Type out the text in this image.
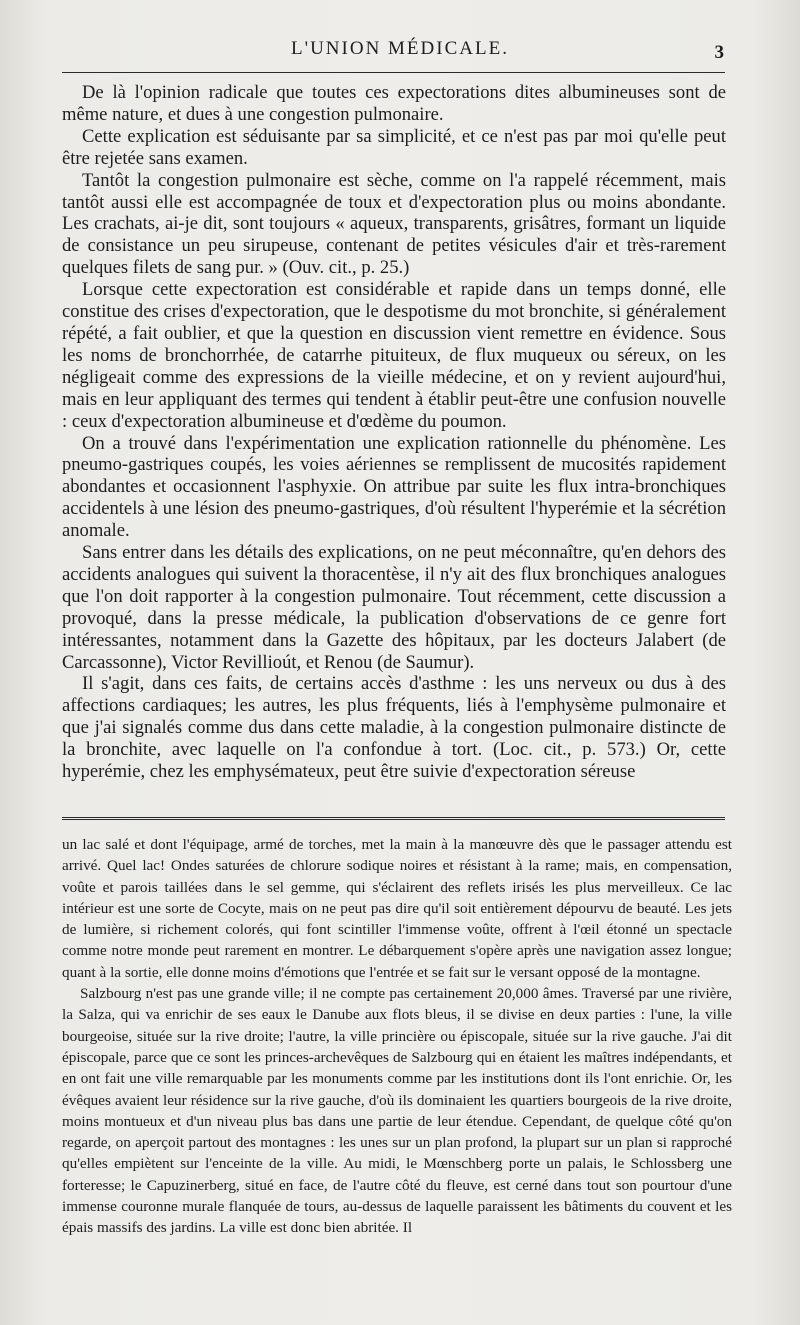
L'UNION MÉDICALE.	3

De là l'opinion radicale que toutes ces expectorations dites albumineuses sont de même nature, et dues à une congestion pulmonaire.

Cette explication est séduisante par sa simplicité, et ce n'est pas par moi qu'elle peut être rejetée sans examen.

Tantôt la congestion pulmonaire est sèche, comme on l'a rappelé récemment, mais tantôt aussi elle est accompagnée de toux et d'expectoration plus ou moins abondante. Les crachats, ai-je dit, sont toujours « aqueux, transparents, grisâtres, formant un liquide de consistance un peu sirupeuse, contenant de petites vésicules d'air et très-rarement quelques filets de sang pur. » (Ouv. cit., p. 25.)

Lorsque cette expectoration est considérable et rapide dans un temps donné, elle constitue des crises d'expectoration, que le despotisme du mot bronchite, si généralement répété, a fait oublier, et que la question en discussion vient remettre en évidence. Sous les noms de bronchorrhée, de catarrhe pituiteux, de flux muqueux ou séreux, on les négligeait comme des expressions de la vieille médecine, et on y revient aujourd'hui, mais en leur appliquant des termes qui tendent à établir peut-être une confusion nouvelle : ceux d'expectoration albumineuse et d'œdème du poumon.

On a trouvé dans l'expérimentation une explication rationnelle du phénomène. Les pneumo-gastriques coupés, les voies aériennes se remplissent de mucosités rapidement abondantes et occasionnent l'asphyxie. On attribue par suite les flux intra-bronchiques accidentels à une lésion des pneumo-gastriques, d'où résultent l'hyperémie et la sécrétion anomale.

Sans entrer dans les détails des explications, on ne peut méconnaître, qu'en dehors des accidents analogues qui suivent la thoracentèse, il n'y ait des flux bronchiques analogues que l'on doit rapporter à la congestion pulmonaire. Tout récemment, cette discussion a provoqué, dans la presse médicale, la publication d'observations de ce genre fort intéressantes, notamment dans la Gazette des hôpitaux, par les docteurs Jalabert (de Carcassonne), Victor Revillioút, et Renou (de Saumur).

Il s'agit, dans ces faits, de certains accès d'asthme : les uns nerveux ou dus à des affections cardiaques; les autres, les plus fréquents, liés à l'emphysème pulmonaire et que j'ai signalés comme dus dans cette maladie, à la congestion pulmonaire distincte de la bronchite, avec laquelle on l'a confondue à tort. (Loc. cit., p. 573.) Or, cette hyperémie, chez les emphysémateux, peut être suivie d'expectoration séreuse

un lac salé et dont l'équipage, armé de torches, met la main à la manœuvre dès que le passager attendu est arrivé. Quel lac! Ondes saturées de chlorure sodique noires et résistant à la rame; mais, en compensation, voûte et parois taillées dans le sel gemme, qui s'éclairent des reflets irisés les plus merveilleux. Ce lac intérieur est une sorte de Cocyte, mais on ne peut pas dire qu'il soit entièrement dépourvu de beauté. Les jets de lumière, si richement colorés, qui font scintiller l'immense voûte, offrent à l'œil étonné un spectacle comme notre monde peut rarement en montrer. Le débarquement s'opère après une navigation assez longue; quant à la sortie, elle donne moins d'émotions que l'entrée et se fait sur le versant opposé de la montagne.

Salzbourg n'est pas une grande ville; il ne compte pas certainement 20,000 âmes. Traversé par une rivière, la Salza, qui va enrichir de ses eaux le Danube aux flots bleus, il se divise en deux parties : l'une, la ville bourgeoise, située sur la rive droite; l'autre, la ville princière ou épiscopale, située sur la rive gauche. J'ai dit épiscopale, parce que ce sont les princes-archevêques de Salzbourg qui en étaient les maîtres indépendants, et en ont fait une ville remarquable par les monuments comme par les institutions dont ils l'ont enrichie. Or, les évêques avaient leur résidence sur la rive gauche, d'où ils dominaient les quartiers bourgeois de la rive droite, moins montueux et d'un niveau plus bas dans une partie de leur étendue. Cependant, de quelque côté qu'on regarde, on aperçoit partout des montagnes : les unes sur un plan profond, la plupart sur un plan si rapproché qu'elles empiètent sur l'enceinte de la ville. Au midi, le Mœnschberg porte un palais, le Schlossberg une forteresse; le Capuzinerberg, situé en face, de l'autre côté du fleuve, est cerné dans tout son pourtour d'une immense couronne murale flanquée de tours, au-dessus de laquelle paraissent les bâtiments du couvent et les épais massifs des jardins. La ville est donc bien abritée. Il
